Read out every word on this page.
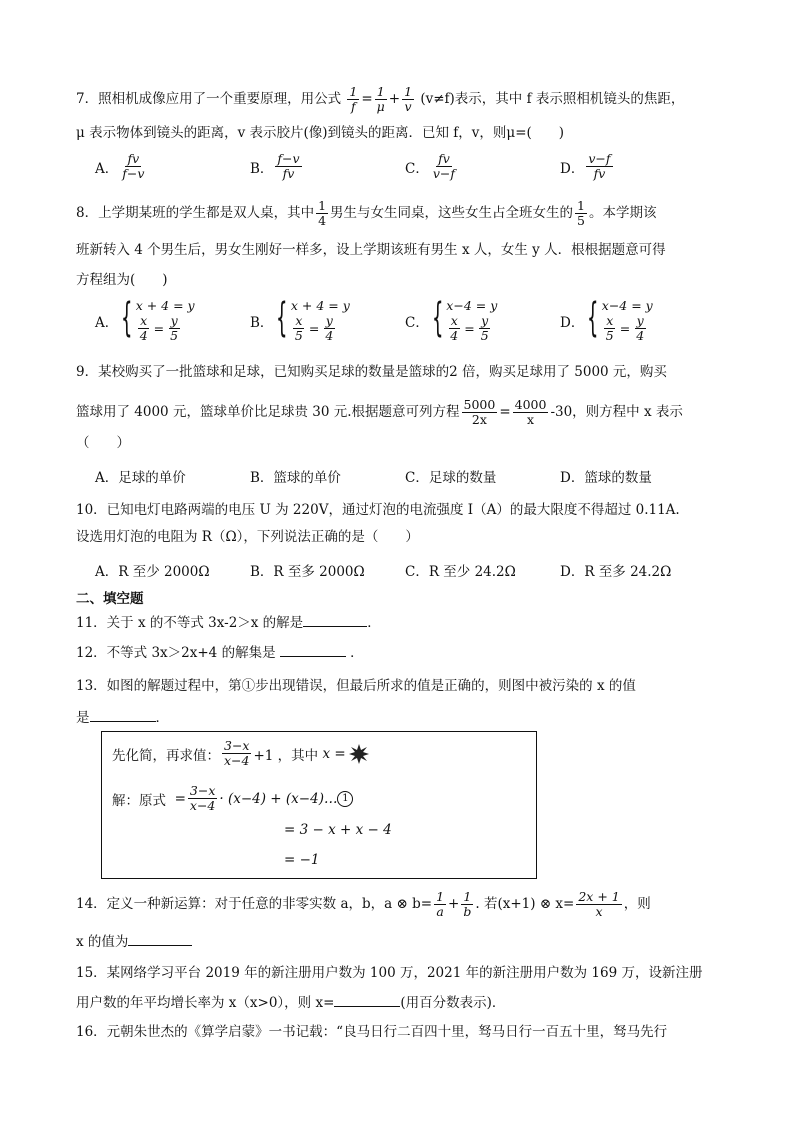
7．照相机成像应用了一个重要原理，用公式 $\frac{1}{f} = \frac{1}{\mu} + \frac{1}{v} (v\ne f)$表示，其中 f 表示照相机镜头的焦距，
μ 表示物体到镜头的距离，v 表示胶片(像)到镜头的距离．已知 f，v，则μ=(　　)
A． $\frac{fv}{f-v}$	B． $\frac{f-v}{fv}$	C． $\frac{fv}{v-f}$	D． $\frac{v-f}{fv}$
8．上学期某班的学生都是双人桌，其中 $\frac{1}{4}$ 男生与女生同桌，这些女生占全班女生的 $\frac{1}{5}$ 。本学期该
班新转入 4 个男生后，男女生刚好一样多，设上学期该班有男生 x 人，女生 y 人．根根据题意可得
方程组为(　　)
A． { x + 4 = y
$\frac{x}{4} = \frac{y}{5}$	B． { x + 4 = y
$\frac{x}{5} = \frac{y}{4}$	C． { x−4 = y
$\frac{x}{4} = \frac{y}{5}$	D． { x−4 = y
$\frac{x}{5} = \frac{y}{4}$
9．某校购买了一批篮球和足球，已知购买足球的数量是篮球的2 倍，购买足球用了 5000 元，购买
篮球用了 4000 元，篮球单价比足球贵 30 元.根据题意可列方程 $\frac{5000}{2x} = \frac{4000}{x} -30$，则方程中 x 表示
（　　）
A．足球的单价	B．篮球的单价	C．足球的数量	D．篮球的数量
10．已知电灯电路两端的电压 U 为 220V，通过灯泡的电流强度 I（A）的最大限度不得超过 0.11A.
设选用灯泡的电阻为 R（Ω），下列说法正确的是（　　）
A．R 至少 2000Ω	B．R 至多 2000Ω	C．R 至少 24.2Ω	D．R 至多 24.2Ω
二、填空题
11．关于 x 的不等式 3x-2＞x 的解是	．
12．不等式 3x＞2x+4 的解集是	．
13．如图的解题过程中，第①步出现错误，但最后所求的值是正确的，则图中被污染的 x 的值
是	．
先化简，再求值： $\frac{3-x}{x-4} +1$ ，其中
x =
解：原式
= $\frac{3-x}{x-4} \cdot (x-4)$ + (x−4)… 1
= 3 − x + x − 4
= −1
14．定义一种新运算：对于任意的非零实数 a，b，a ⊗ $b= \frac{1}{a} + \frac{1}{b}$ . 若(x+1) ⊗ $x= \frac{2x + 1}{x}$ ，则
x 的值为
15．某网络学习平台 2019 年的新注册用户数为 100 万，2021 年的新注册用户数为 169 万，设新注册
用户数的年平均增长率为 x（x>0），则 x=	(用百分数表示)．
16．元朝朱世杰的《算学启蒙》一书记载：“良马日行二百四十里，驽马日行一百五十里，驽马先行
